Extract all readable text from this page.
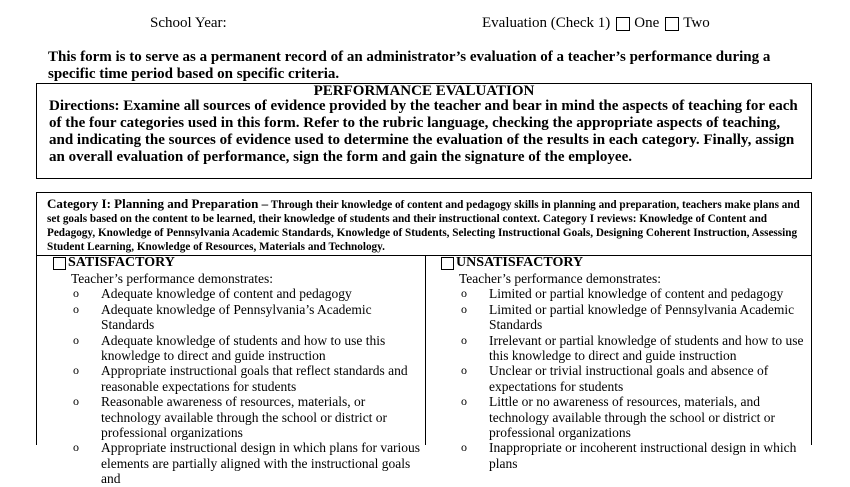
School Year:	Evaluation (Check 1) One Two
This form is to serve as a permanent record of an administrator’s evaluation of a teacher’s performance during a specific time period based on specific criteria.
PERFORMANCE EVALUATION
Directions: Examine all sources of evidence provided by the teacher and bear in mind the aspects of teaching for each of the four categories used in this form. Refer to the rubric language, checking the appropriate aspects of teaching, and indicating the sources of evidence used to determine the evaluation of the results in each category. Finally, assign an overall evaluation of performance, sign the form and gain the signature of the employee.
Category I: Planning and Preparation – Through their knowledge of content and pedagogy skills in planning and preparation, teachers make plans and set goals based on the content to be learned, their knowledge of students and their instructional context. Category I reviews: Knowledge of Content and Pedagogy, Knowledge of Pennsylvania Academic Standards, Knowledge of Students, Selecting Instructional Goals, Designing Coherent Instruction, Assessing Student Learning, Knowledge of Resources, Materials and Technology.
SATISFACTORY
Teacher’s performance demonstrates:
o Adequate knowledge of content and pedagogy
o Adequate knowledge of Pennsylvania’s Academic Standards
o Adequate knowledge of students and how to use this knowledge to direct and guide instruction
o Appropriate instructional goals that reflect standards and reasonable expectations for students
o Reasonable awareness of resources, materials, or technology available through the school or district or professional organizations
o Appropriate instructional design in which plans for various elements are partially aligned with the instructional goals and
UNSATISFACTORY
Teacher’s performance demonstrates:
o Limited or partial knowledge of content and pedagogy
o Limited or partial knowledge of Pennsylvania Academic Standards
o Irrelevant or partial knowledge of students and how to use this knowledge to direct and guide instruction
o Unclear or trivial instructional goals and absence of expectations for students
o Little or no awareness of resources, materials, and technology available through the school or district or professional organizations
o Inappropriate or incoherent instructional design in which plans
